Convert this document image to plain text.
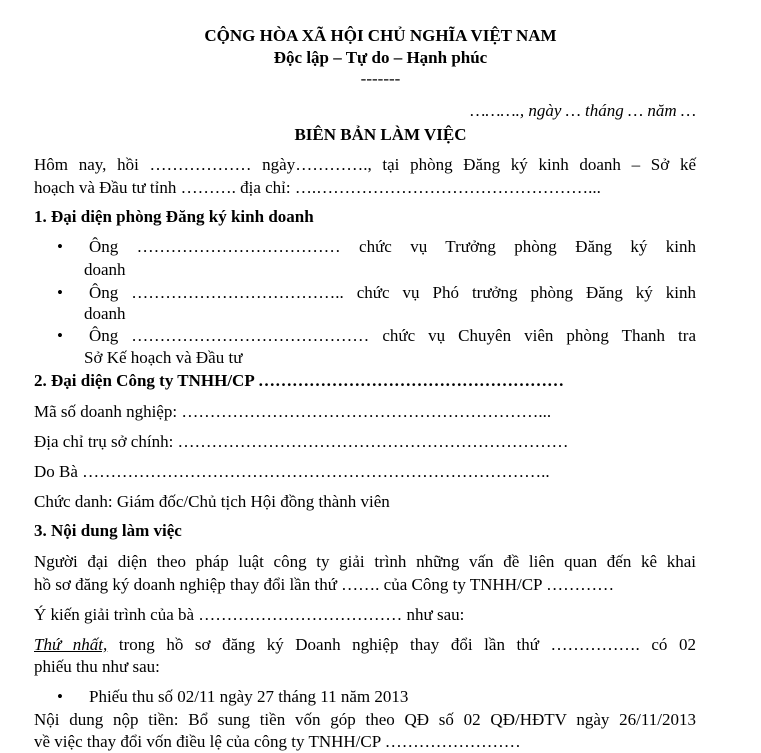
CỘNG HÒA XÃ HỘI CHỦ NGHĨA VIỆT NAM
Độc lập – Tự do – Hạnh phúc
-------
………., ngày … tháng … năm …
BIÊN BẢN LÀM VIỆC
Hôm nay, hồi ……………… ngày…………., tại phòng Đăng ký kinh doanh – Sở kế
hoạch và Đầu tư tỉnh ………. địa chỉ: ….…………………………………………...
1. Đại diện phòng Đăng ký kinh doanh
• Ông ……………………………… chức vụ Trưởng phòng Đăng ký kinh
doanh
• Ông ……………………………….. chức vụ Phó trưởng phòng Đăng ký kinh
doanh
• Ông …………………………………… chức vụ Chuyên viên phòng Thanh tra
Sở Kế hoạch và Đầu tư
2. Đại diện Công ty TNHH/CP ………………………………………………
Mã số doanh nghiệp: ………………………………………………………...
Địa chỉ trụ sở chính: ……………………………………………………………
Do Bà ………………………………………………………………………..
Chức danh: Giám đốc/Chủ tịch Hội đồng thành viên
3. Nội dung làm việc
Người đại diện theo pháp luật công ty giải trình những vấn đề liên quan đến kê khai
hồ sơ đăng ký doanh nghiệp thay đổi lần thứ ……. của Công ty TNHH/CP …………
Ý kiến giải trình của bà ……………………………… như sau:
Thứ nhất, trong hồ sơ đăng ký Doanh nghiệp thay đổi lần thứ ……………. có 02
phiếu thu như sau:
• Phiếu thu số 02/11 ngày 27 tháng 11 năm 2013
Nội dung nộp tiền: Bổ sung tiền vốn góp theo QĐ số 02 QĐ/HĐTV ngày 26/11/2013
về việc thay đổi vốn điều lệ của công ty TNHH/CP ……………………
